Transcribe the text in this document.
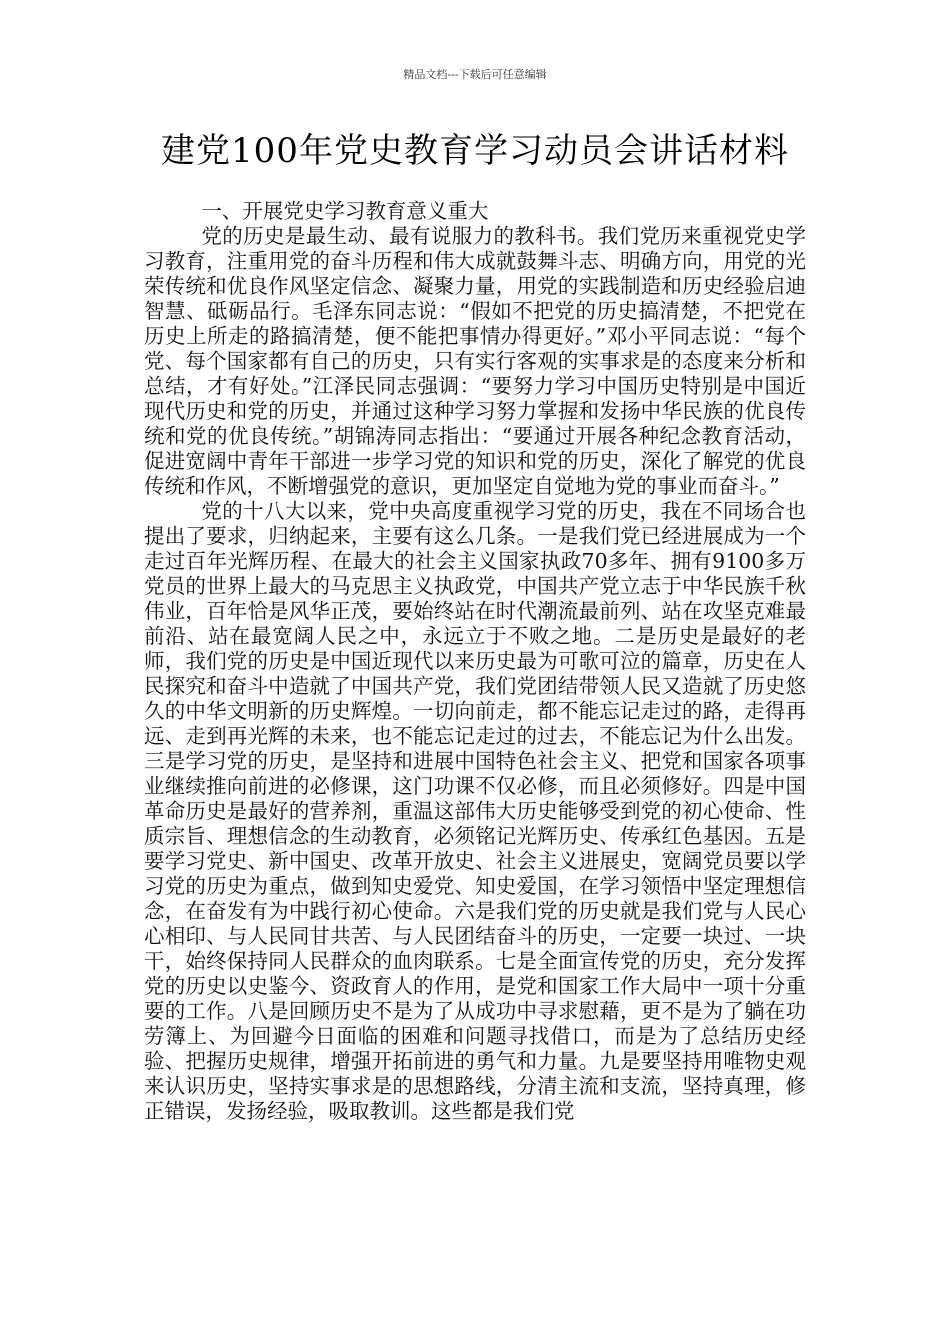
精品文档---下载后可任意编辑
建党100年党史教育学习动员会讲话材料

一、开展党史学习教育意义重大

党的历史是最生动、最有说服力的教科书。我们党历来重视党史学习教育，注重用党的奋斗历程和伟大成就鼓舞斗志、明确方向，用党的光荣传统和优良作风坚定信念、凝聚力量，用党的实践制造和历史经验启迪智慧、砥砺品行。毛泽东同志说：“假如不把党的历史搞清楚，不把党在历史上所走的路搞清楚，便不能把事情办得更好。”邓小平同志说：“每个党、每个国家都有自己的历史，只有实行客观的实事求是的态度来分析和总结，才有好处。”江泽民同志强调：“要努力学习中国历史特别是中国近现代历史和党的历史，并通过这种学习努力掌握和发扬中华民族的优良传统和党的优良传统。”胡锦涛同志指出：“要通过开展各种纪念教育活动，促进宽阔中青年干部进一步学习党的知识和党的历史，深化了解党的优良传统和作风，不断增强党的意识，更加坚定自觉地为党的事业而奋斗。”

党的十八大以来，党中央高度重视学习党的历史，我在不同场合也提出了要求，归纳起来，主要有这么几条。一是我们党已经进展成为一个走过百年光辉历程、在最大的社会主义国家执政70多年、拥有9100多万党员的世界上最大的马克思主义执政党，中国共产党立志于中华民族千秋伟业，百年恰是风华正茂，要始终站在时代潮流最前列、站在攻坚克难最前沿、站在最宽阔人民之中，永远立于不败之地。二是历史是最好的老师，我们党的历史是中国近现代以来历史最为可歌可泣的篇章，历史在人民探究和奋斗中造就了中国共产党，我们党团结带领人民又造就了历史悠久的中华文明新的历史辉煌。一切向前走，都不能忘记走过的路，走得再远、走到再光辉的未来，也不能忘记走过的过去，不能忘记为什么出发。三是学习党的历史，是坚持和进展中国特色社会主义、把党和国家各项事业继续推向前进的必修课，这门功课不仅必修，而且必须修好。四是中国革命历史是最好的营养剂，重温这部伟大历史能够受到党的初心使命、性质宗旨、理想信念的生动教育，必须铭记光辉历史、传承红色基因。五是要学习党史、新中国史、改革开放史、社会主义进展史，宽阔党员要以学习党的历史为重点，做到知史爱党、知史爱国，在学习领悟中坚定理想信念，在奋发有为中践行初心使命。六是我们党的历史就是我们党与人民心心相印、与人民同甘共苦、与人民团结奋斗的历史，一定要一块过、一块干，始终保持同人民群众的血肉联系。七是全面宣传党的历史，充分发挥党的历史以史鉴今、资政育人的作用，是党和国家工作大局中一项十分重要的工作。八是回顾历史不是为了从成功中寻求慰藉，更不是为了躺在功劳簿上、为回避今日面临的困难和问题寻找借口，而是为了总结历史经验、把握历史规律，增强开拓前进的勇气和力量。九是要坚持用唯物史观来认识历史，坚持实事求是的思想路线，分清主流和支流，坚持真理，修正错误，发扬经验，吸取教训。这些都是我们党
